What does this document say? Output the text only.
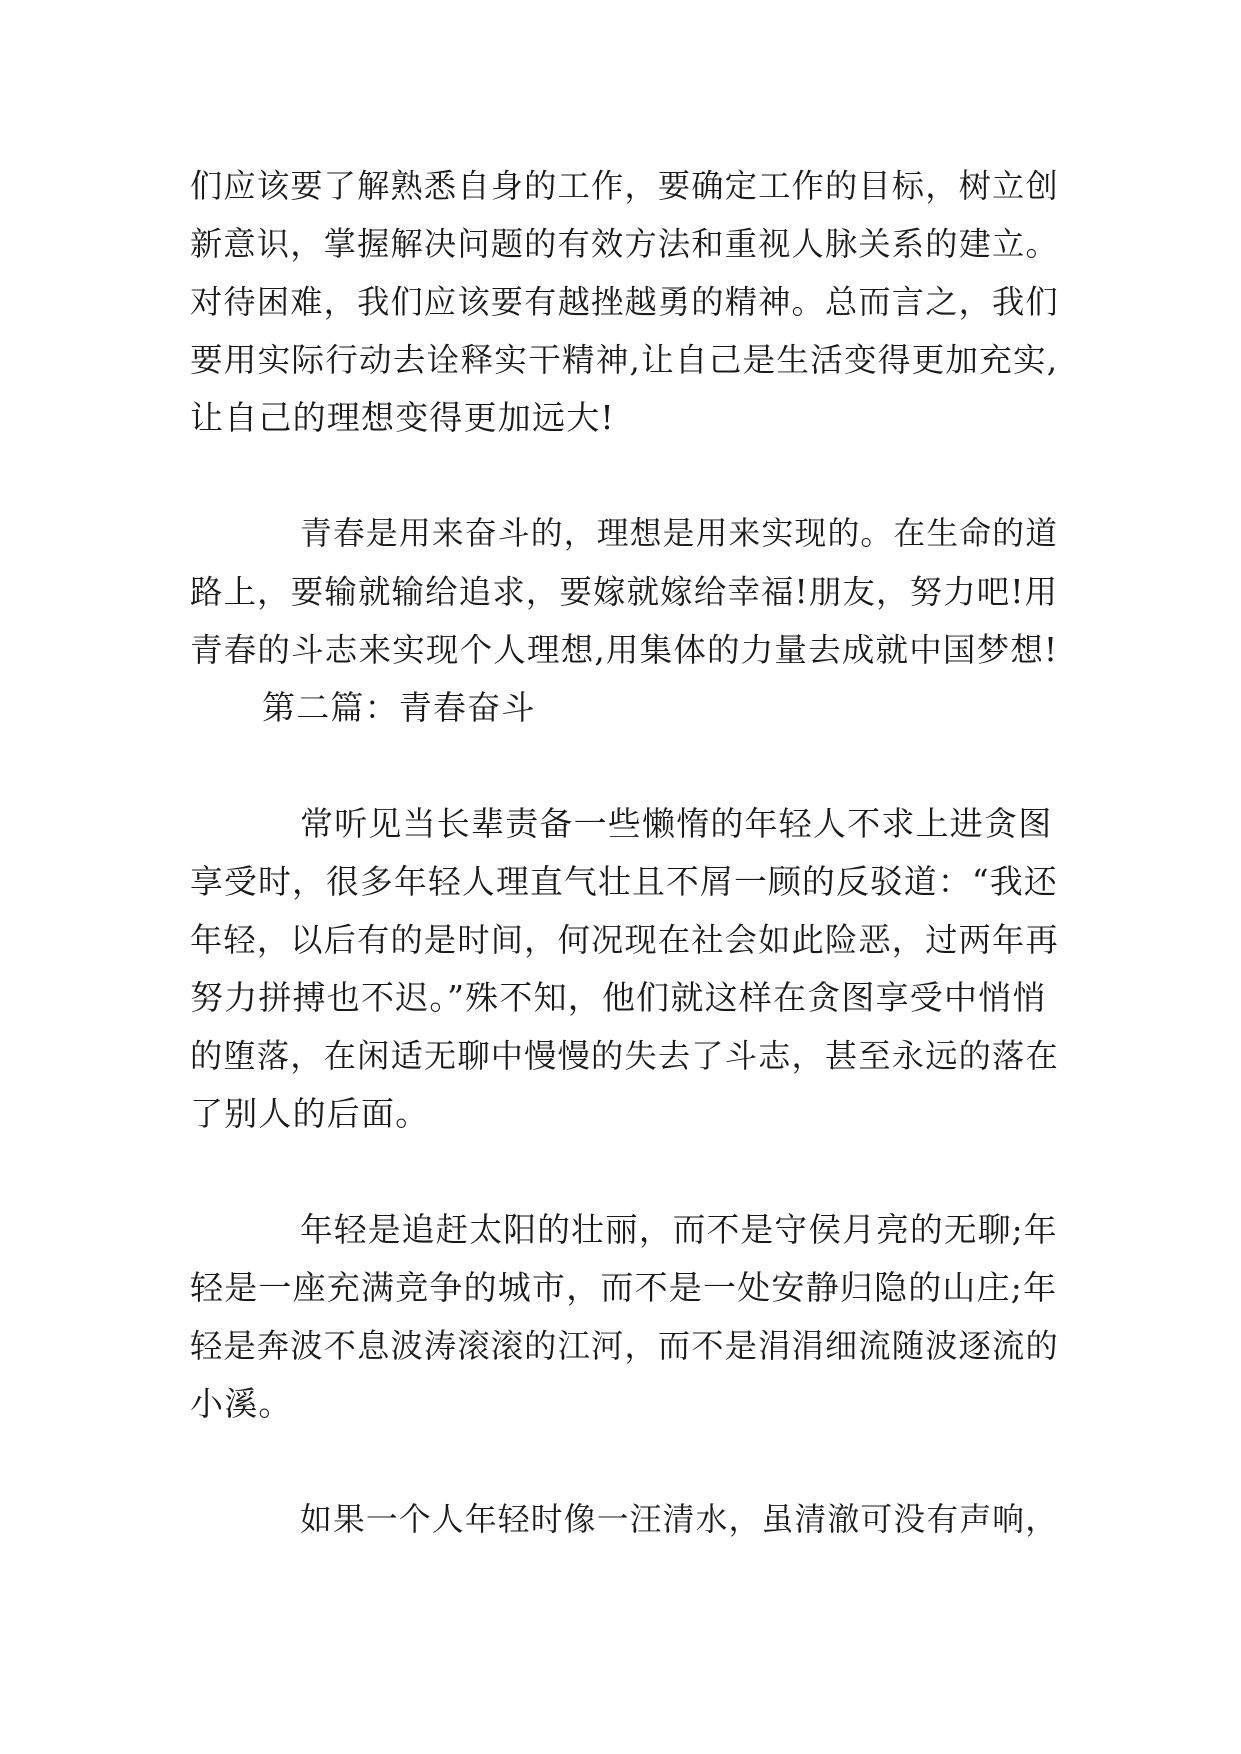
们应该要了解熟悉自身的工作，要确定工作的目标，树立创
新意识，掌握解决问题的有效方法和重视人脉关系的建立。
对待困难，我们应该要有越挫越勇的精神。总而言之，我们
要用实际行动去诠释实干精神,让自己是生活变得更加充实,
让自己的理想变得更加远大!
青春是用来奋斗的，理想是用来实现的。在生命的道
路上，要输就输给追求，要嫁就嫁给幸福!朋友，努力吧!用
青春的斗志来实现个人理想,用集体的力量去成就中国梦想!
第二篇：青春奋斗
常听见当长辈责备一些懒惰的年轻人不求上进贪图
享受时，很多年轻人理直气壮且不屑一顾的反驳道：“我还
年轻，以后有的是时间，何况现在社会如此险恶，过两年再
努力拼搏也不迟。”殊不知，他们就这样在贪图享受中悄悄
的堕落，在闲适无聊中慢慢的失去了斗志，甚至永远的落在
了别人的后面。
年轻是追赶太阳的壮丽，而不是守侯月亮的无聊;年
轻是一座充满竞争的城市，而不是一处安静归隐的山庄;年
轻是奔波不息波涛滚滚的江河，而不是涓涓细流随波逐流的
小溪。
如果一个人年轻时像一汪清水，虽清澈可没有声响，
